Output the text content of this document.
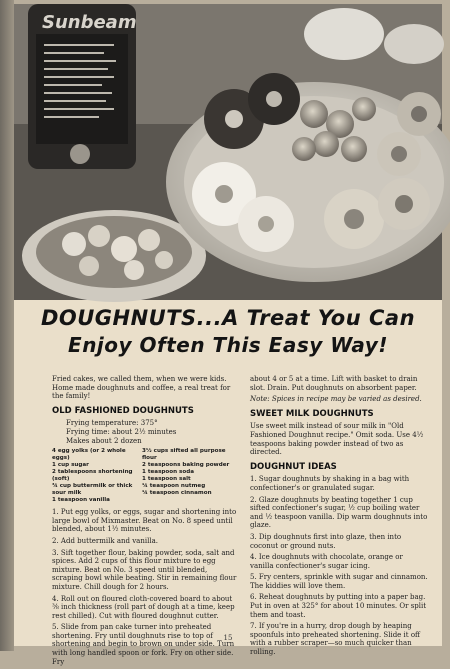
Sunbeam
DOUGHNUTS...A Treat You Can
Enjoy Often This Easy Way!

Fried cakes, we called them, when we were kids. Home made doughnuts and coffee, a real treat for the family!

OLD FASHIONED DOUGHNUTS
Frying temperature: 375°
Frying time: about 2½ minutes
Makes about 2 dozen
4 egg yolks (or 2 whole eggs)
1 cup sugar
2 tablespoons shortening (soft)
¾ cup buttermilk or thick sour milk
1 teaspoon vanilla
3½ cups sifted all purpose flour
2 teaspoons baking powder
1 teaspoon soda
1 teaspoon salt
¼ teaspoon nutmeg
¼ teaspoon cinnamon
1. Put egg yolks, or eggs, sugar and shortening into large bowl of Mixmaster. Beat on No. 8 speed until blended, about 1½ minutes.
2. Add buttermilk and vanilla.
3. Sift together flour, baking powder, soda, salt and spices. Add 2 cups of this flour mixture to egg mixture. Beat on No. 3 speed until blended, scraping bowl while beating. Stir in remaining flour mixture. Chill dough for 2 hours.
4. Roll out on floured cloth-covered board to about ⅜ inch thickness (roll part of dough at a time, keep rest chilled). Cut with floured doughnut cutter.
5. Slide from pan cake turner into preheated shortening. Fry until doughnuts rise to top of shortening and begin to brown on under side. Turn with long handled spoon or fork. Fry on other side. Fry

about 4 or 5 at a time. Lift with basket to drain slot. Drain. Put doughnuts on absorbent paper.

Note: Spices in recipe may be varied as desired.

SWEET MILK DOUGHNUTS

Use sweet milk instead of sour milk in "Old Fashioned Doughnut recipe." Omit soda. Use 4½ teaspoons baking powder instead of two as directed.

DOUGHNUT IDEAS
1. Sugar doughnuts by shaking in a bag with confectioner's or granulated sugar.
2. Glaze doughnuts by beating together 1 cup sifted confectioner's sugar, ½ cup boiling water and ½ teaspoon vanilla. Dip warm doughnuts into glaze.
3. Dip doughnuts first into glaze, then into coconut or ground nuts.
4. Ice doughnuts with chocolate, orange or vanilla confectioner's sugar icing.
5. Fry centers, sprinkle with sugar and cinnamon. The kiddies will love them.
6. Reheat doughnuts by putting into a paper bag. Put in oven at 325° for about 10 minutes. Or split them and toast.
7. If you're in a hurry, drop dough by heaping spoonfuls into preheated shortening. Slide it off with a rubber scraper—so much quicker than rolling.
15
